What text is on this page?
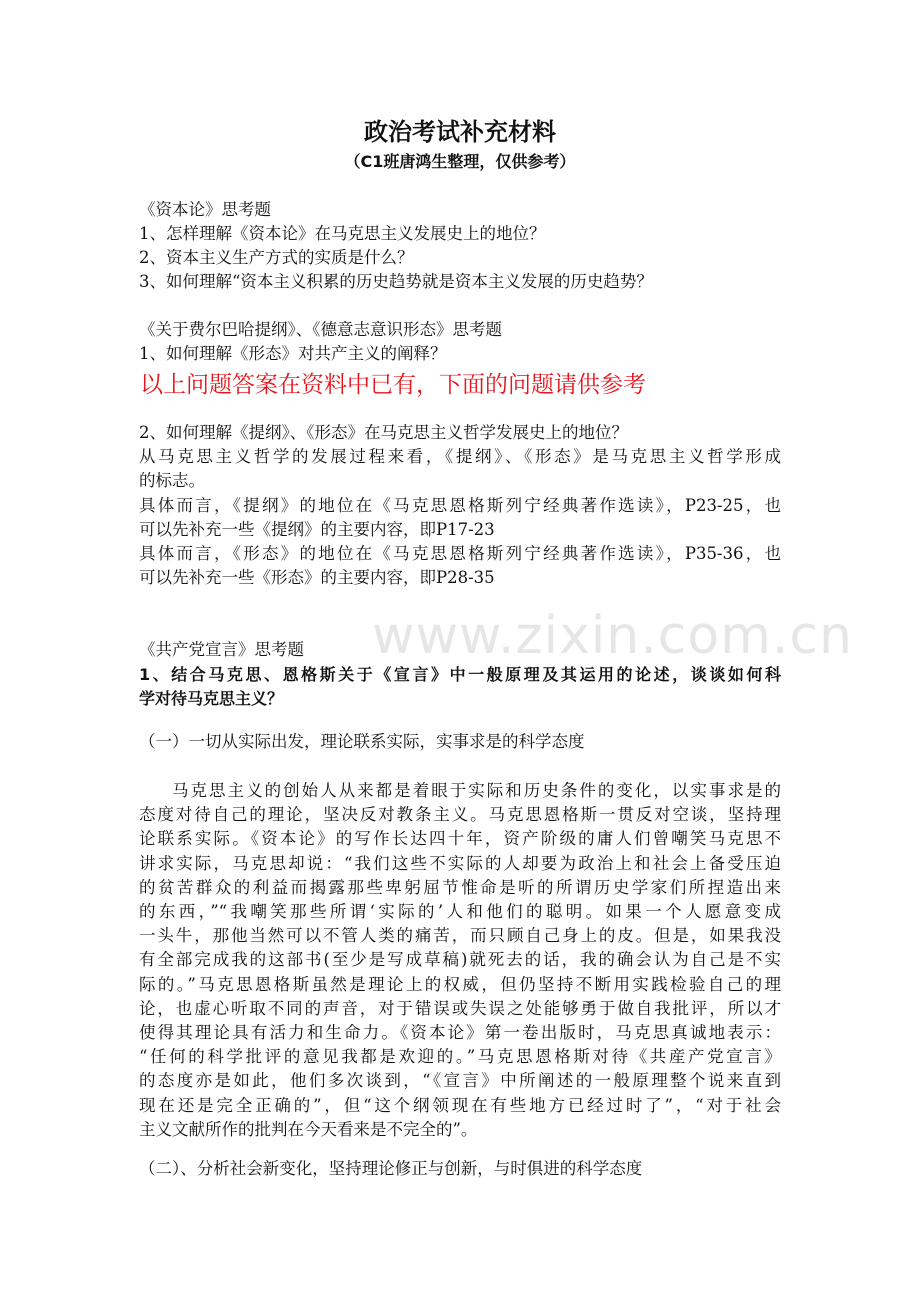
www.zixin.com.cn
政治考试补充材料
（C1班唐鸿生整理，仅供参考）
《资本论》思考题
1、怎样理解《资本论》在马克思主义发展史上的地位？
2、资本主义生产方式的实质是什么？
3、如何理解“资本主义积累的历史趋势就是资本主义发展的历史趋势？
《关于费尔巴哈提纲》、《德意志意识形态》思考题
1、如何理解《形态》对共产主义的阐释？
以上问题答案在资料中已有，下面的问题请供参考
2、如何理解《提纲》、《形态》在马克思主义哲学发展史上的地位？
从马克思主义哲学的发展过程来看，《提纲》、《形态》是马克思主义哲学形成
的标志。
具体而言，《提纲》的地位在《马克思恩格斯列宁经典著作选读》，P23-25，也
可以先补充一些《提纲》的主要内容，即P17-23
具体而言，《形态》的地位在《马克思恩格斯列宁经典著作选读》，P35-36，也
可以先补充一些《形态》的主要内容，即P28-35
《共产党宣言》思考题
1、结合马克思、恩格斯关于《宣言》中一般原理及其运用的论述，谈谈如何科
学对待马克思主义？
（一）一切从实际出发，理论联系实际，实事求是的科学态度
马克思主义的创始人从来都是着眼于实际和历史条件的变化，以实事求是的
态度对待自己的理论，坚决反对教条主义。马克思恩格斯一贯反对空谈，坚持理
论联系实际。《资本论》的写作长达四十年，资产阶级的庸人们曾嘲笑马克思不
讲求实际，马克思却说：“我们这些不实际的人却要为政治上和社会上备受压迫
的贫苦群众的利益而揭露那些卑躬屈节惟命是听的所谓历史学家们所捏造出来
的东西，”“我嘲笑那些所谓‘实际的’人和他们的聪明。如果一个人愿意变成
一头牛，那他当然可以不管人类的痛苦，而只顾自己身上的皮。但是，如果我没
有全部完成我的这部书(至少是写成草稿)就死去的话，我的确会认为自己是不实
际的。”马克思恩格斯虽然是理论上的权威，但仍坚持不断用实践检验自己的理
论，也虚心听取不同的声音，对于错误或失误之处能够勇于做自我批评，所以才
使得其理论具有活力和生命力。《资本论》第一卷出版时，马克思真诚地表示：
“任何的科学批评的意见我都是欢迎的。”马克思恩格斯对待《共産产党宣言》
的态度亦是如此，他们多次谈到，“《宣言》中所阐述的一般原理整个说来直到
现在还是完全正确的”，但“这个纲领现在有些地方已经过时了”，“对于社会
主义文献所作的批判在今天看来是不完全的”。
（二）、分析社会新变化，坚持理论修正与创新，与时俱进的科学态度
